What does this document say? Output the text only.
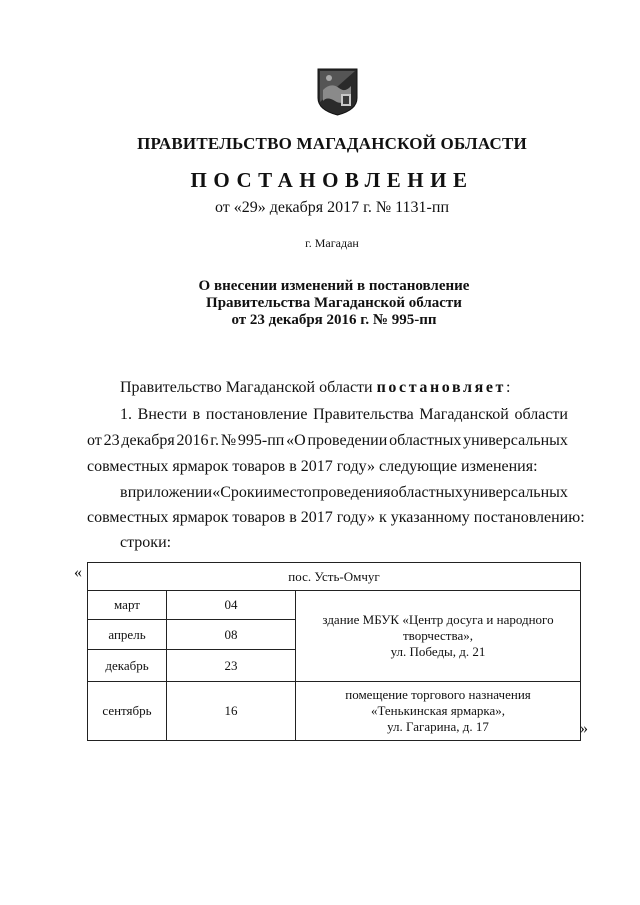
ПРАВИТЕЛЬСТВО МАГАДАНСКОЙ ОБЛАСТИ
ПОСТАНОВЛЕНИЕ
от «29» декабря 2017 г. № 1131-пп
г. Магадан
О внесении изменений в постановление
Правительства Магаданской области
от 23 декабря 2016 г. № 995-пп
Правительство Магаданской области постановляет:
1. Внести в постановление Правительства Магаданской области
от 23 декабря 2016 г. № 995-пп «О проведении областных универсальных
совместных ярмарок товаров в 2017 году» следующие изменения:
в приложении «Сроки и место проведения областных универсальных
совместных ярмарок товаров в 2017 году» к указанному постановлению:
строки:
«	пос. Усть-Омчуг		
март	04	здание МБУК «Центр досуга и народного
творчества»,
ул. Победы, д. 21

апрель	08	
декабрь	23	
сентябрь	16	помещение торгового назначения
«Тенькинская ярмарка»,
ул. Гагарина, д. 17	»
